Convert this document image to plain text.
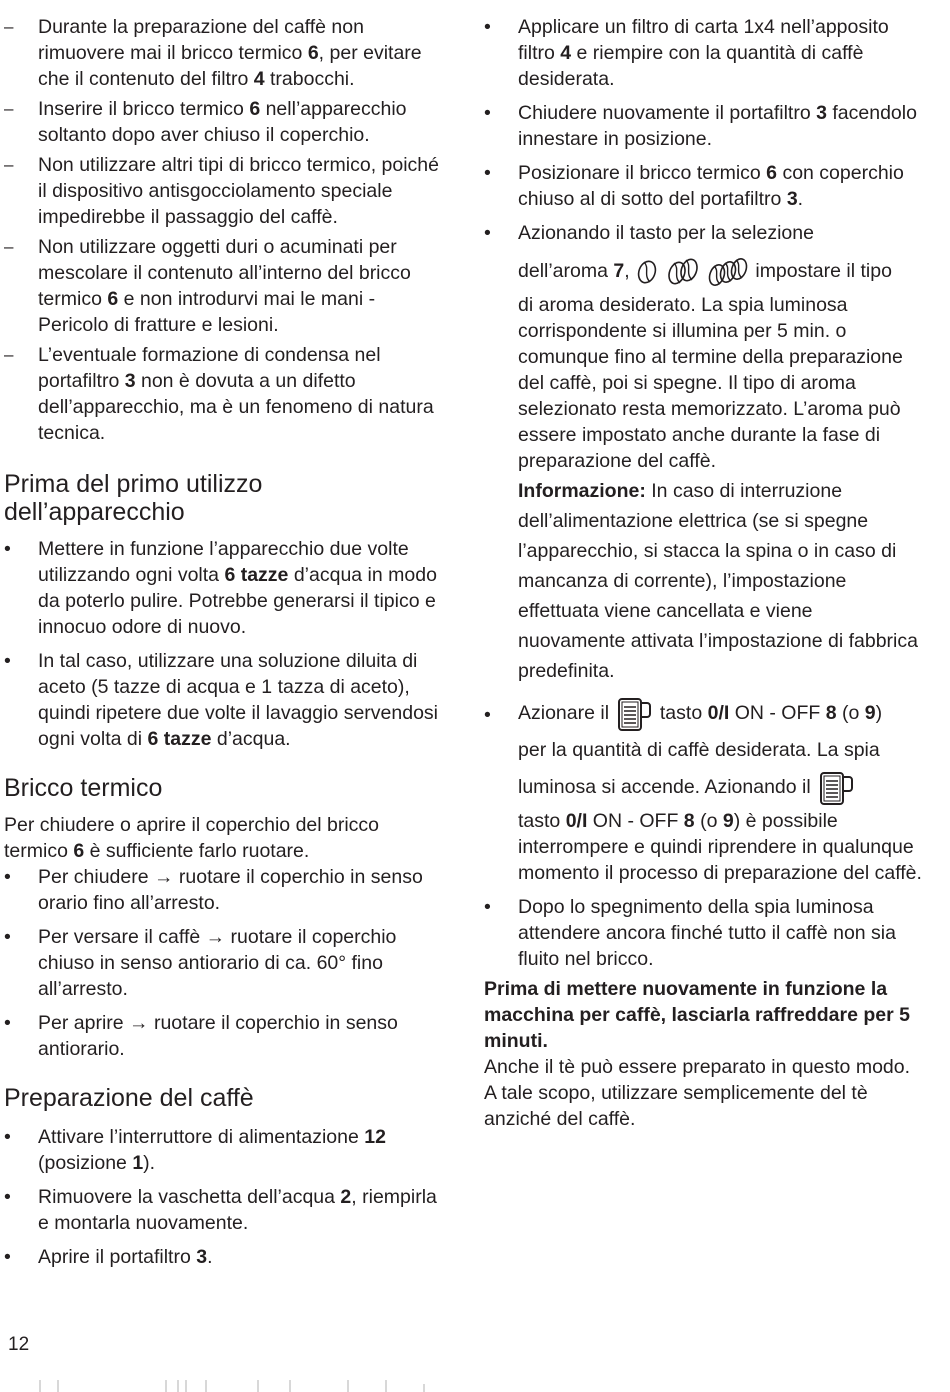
–	Durante la preparazione del caffè non rimuovere mai il bricco termico 6, per evitare che il contenuto del filtro 4 trabocchi.
–	Inserire il bricco termico 6 nell’apparecchio soltanto dopo aver chiuso il coperchio.
–	Non utilizzare altri tipi di bricco termico, poiché il dispositivo antisgocciolamento speciale impedirebbe il passaggio del caffè.
–	Non utilizzare oggetti duri o acuminati per mescolare il contenuto all’interno del bricco termico 6 e non introdurvi mai le mani - Pericolo di fratture e lesioni.
–	L’eventuale formazione di condensa nel portafiltro 3 non è dovuta a un difetto dell’apparecchio, ma è un fenomeno di natura tecnica.
Prima del primo utilizzo
dell’apparecchio
•	Mettere in funzione l’apparecchio due volte utilizzando ogni volta 6 tazze d’acqua in modo da poterlo pulire. Potrebbe generarsi il tipico e innocuo odore di nuovo.
•	In tal caso, utilizzare una soluzione diluita di aceto (5 tazze di acqua e 1 tazza di aceto), quindi ripetere due volte il lavaggio servendosi ogni volta di 6 tazze d’acqua.
Bricco termico

Per chiudere o aprire il coperchio del bricco termico 6 è sufficiente farlo ruotare.

•	Per chiudere → ruotare il coperchio in senso orario fino all’arresto.
•	Per versare il caffè → ruotare il coperchio chiuso in senso antiorario di ca. 60° fino all’arresto.
•	Per aprire → ruotare il coperchio in senso antiorario.
Preparazione del caffè
•	Attivare l’interruttore di alimentazione 12 (posizione 1).
•	Rimuovere la vaschetta dell’acqua 2, riempirla e montarla nuovamente.
•	Aprire il portafiltro 3.
•	Applicare un filtro di carta 1x4 nell’apposito filtro 4 e riempire con la quantità di caffè desiderata.
•	Chiudere nuovamente il portafiltro 3 facendolo innestare in posizione.
•	Posizionare il bricco termico 6 con coperchio chiuso al di sotto del portafiltro 3.
•	Azionando il tasto per la selezione
dell’aroma 7,	impostare il tipo
di aroma desiderato. La spia luminosa corrispondente si illumina per 5 min. o comunque fino al termine della preparazione del caffè, poi si spegne. Il tipo di aroma selezionato resta memorizzato. L’aroma può essere impostato anche durante la fase di preparazione del caffè.
Informazione: In caso di interruzione dell’alimentazione elettrica (se si spegne l’apparecchio, si stacca la spina o in caso di mancanza di corrente), l’impostazione effettuata viene cancellata e viene nuovamente attivata l’impostazione di fabbrica predefinita.
•	Azionare il  tasto 0/I ON - OFF 8 (o 9)
per la quantità di caffè desiderata. La spia
luminosa si accende. Azionando il
tasto 0/I ON - OFF 8 (o 9) è possibile interrompere e quindi riprendere in qualunque momento il processo di preparazione del caffè.
•	Dopo lo spegnimento della spia luminosa attendere ancora finché tutto il caffè non sia fluito nel bricco.

Prima di mettere nuovamente in funzione la macchina per caffè, lasciarla raffreddare per 5 minuti.

Anche il tè può essere preparato in questo modo. A tale scopo, utilizzare semplicemente del tè anziché del caffè.

12
